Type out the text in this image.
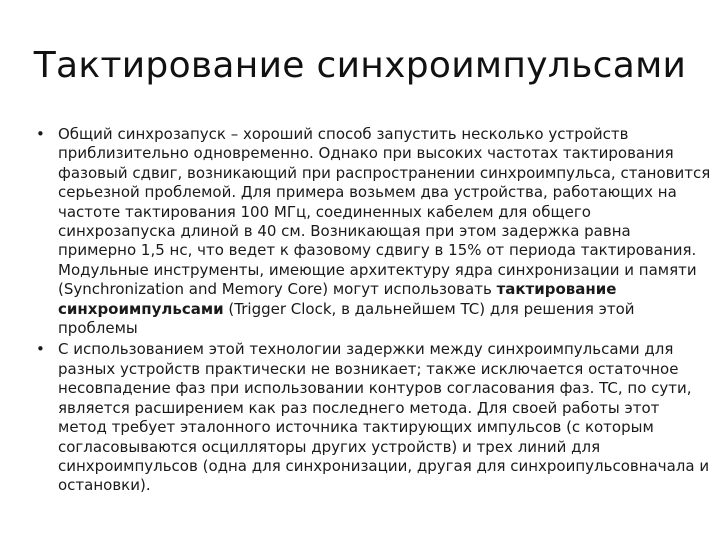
Тактирование синхроимпульсами
• Общий синхрозапуск – хороший способ запустить несколько устройств приблизительно одновременно. Однако при высоких частотах тактирования фазовый сдвиг, возникающий при распространении синхроимпульса, становится серьезной проблемой. Для примера возьмем два устройства, работающих на частоте тактирования 100 МГц, соединенных кабелем для общего синхрозапуска длиной в 40 см. Возникающая при этом задержка равна примерно 1,5 нс, что ведет к фазовому сдвигу в 15% от периода тактирования. Модульные инструменты, имеющие архитектуру ядра синхронизации и памяти (Synchronization and Memory Core) могут использовать тактирование синхроимпульсами (Trigger Clock, в дальнейшем TC) для решения этой проблемы
• С использованием этой технологии задержки между синхроимпульсами для разных устройств практически не возникает; также исключается остаточное несовпадение фаз при использовании контуров согласования фаз. TC, по сути, является расширением как раз последнего метода. Для своей работы этот метод требует эталонного источника тактирующих импульсов (с которым согласовываются осцилляторы других устройств) и трех линий для синхроимпульсов (одна для синхронизации, другая для синхроипульсовначала и остановки).
